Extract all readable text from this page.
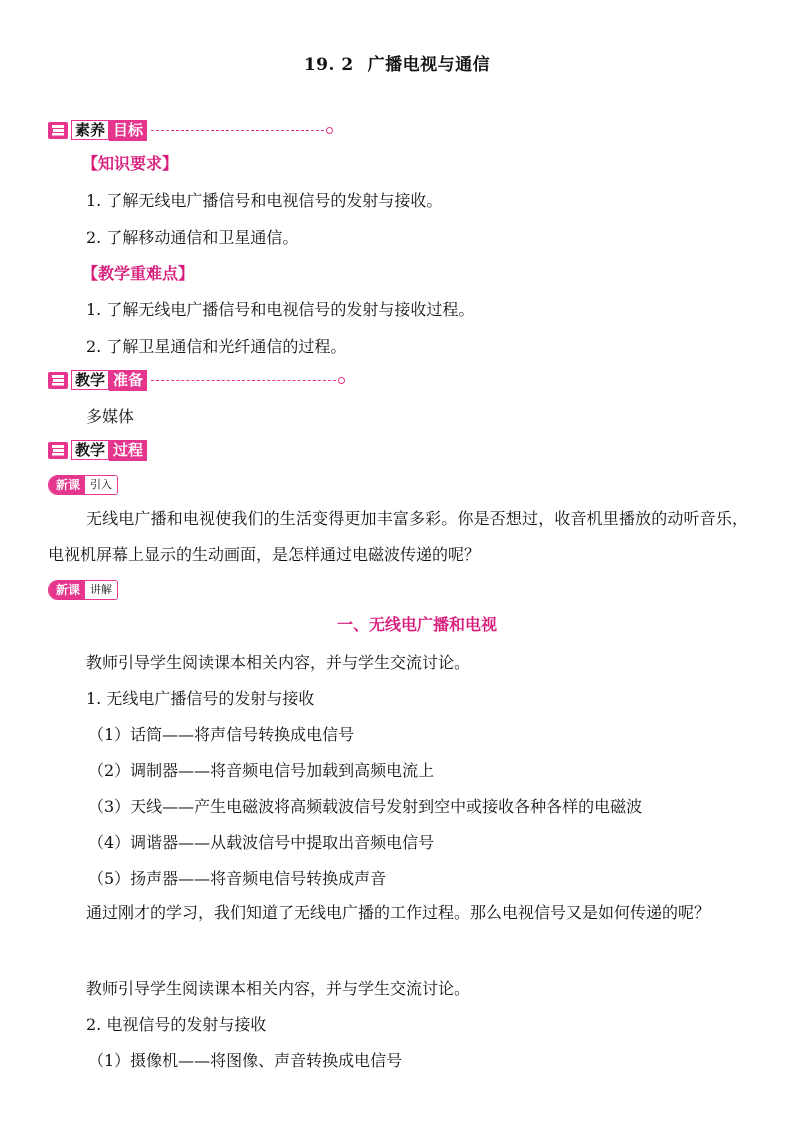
19. 2 广播电视与通信
素养 目标
【知识要求】
1. 了解无线电广播信号和电视信号的发射与接收。
2. 了解移动通信和卫星通信。
【教学重难点】
1. 了解无线电广播信号和电视信号的发射与接收过程。
2. 了解卫星通信和光纤通信的过程。
教学 准备
多媒体
教学 过程
新课 引入
无线电广播和电视使我们的生活变得更加丰富多彩。你是否想过，收音机里播放的动听音乐，电视机屏幕上显示的生动画面，是怎样通过电磁波传递的呢？
新课 讲解
一、无线电广播和电视
教师引导学生阅读课本相关内容，并与学生交流讨论。
1. 无线电广播信号的发射与接收
（1）话筒——将声信号转换成电信号
（2）调制器——将音频电信号加载到高频电流上
（3）天线——产生电磁波将高频载波信号发射到空中或接收各种各样的电磁波
（4）调谐器——从载波信号中提取出音频电信号
（5）扬声器——将音频电信号转换成声音
通过刚才的学习，我们知道了无线电广播的工作过程。那么电视信号又是如何传递的呢？
教师引导学生阅读课本相关内容，并与学生交流讨论。
2. 电视信号的发射与接收
（1）摄像机——将图像、声音转换成电信号
